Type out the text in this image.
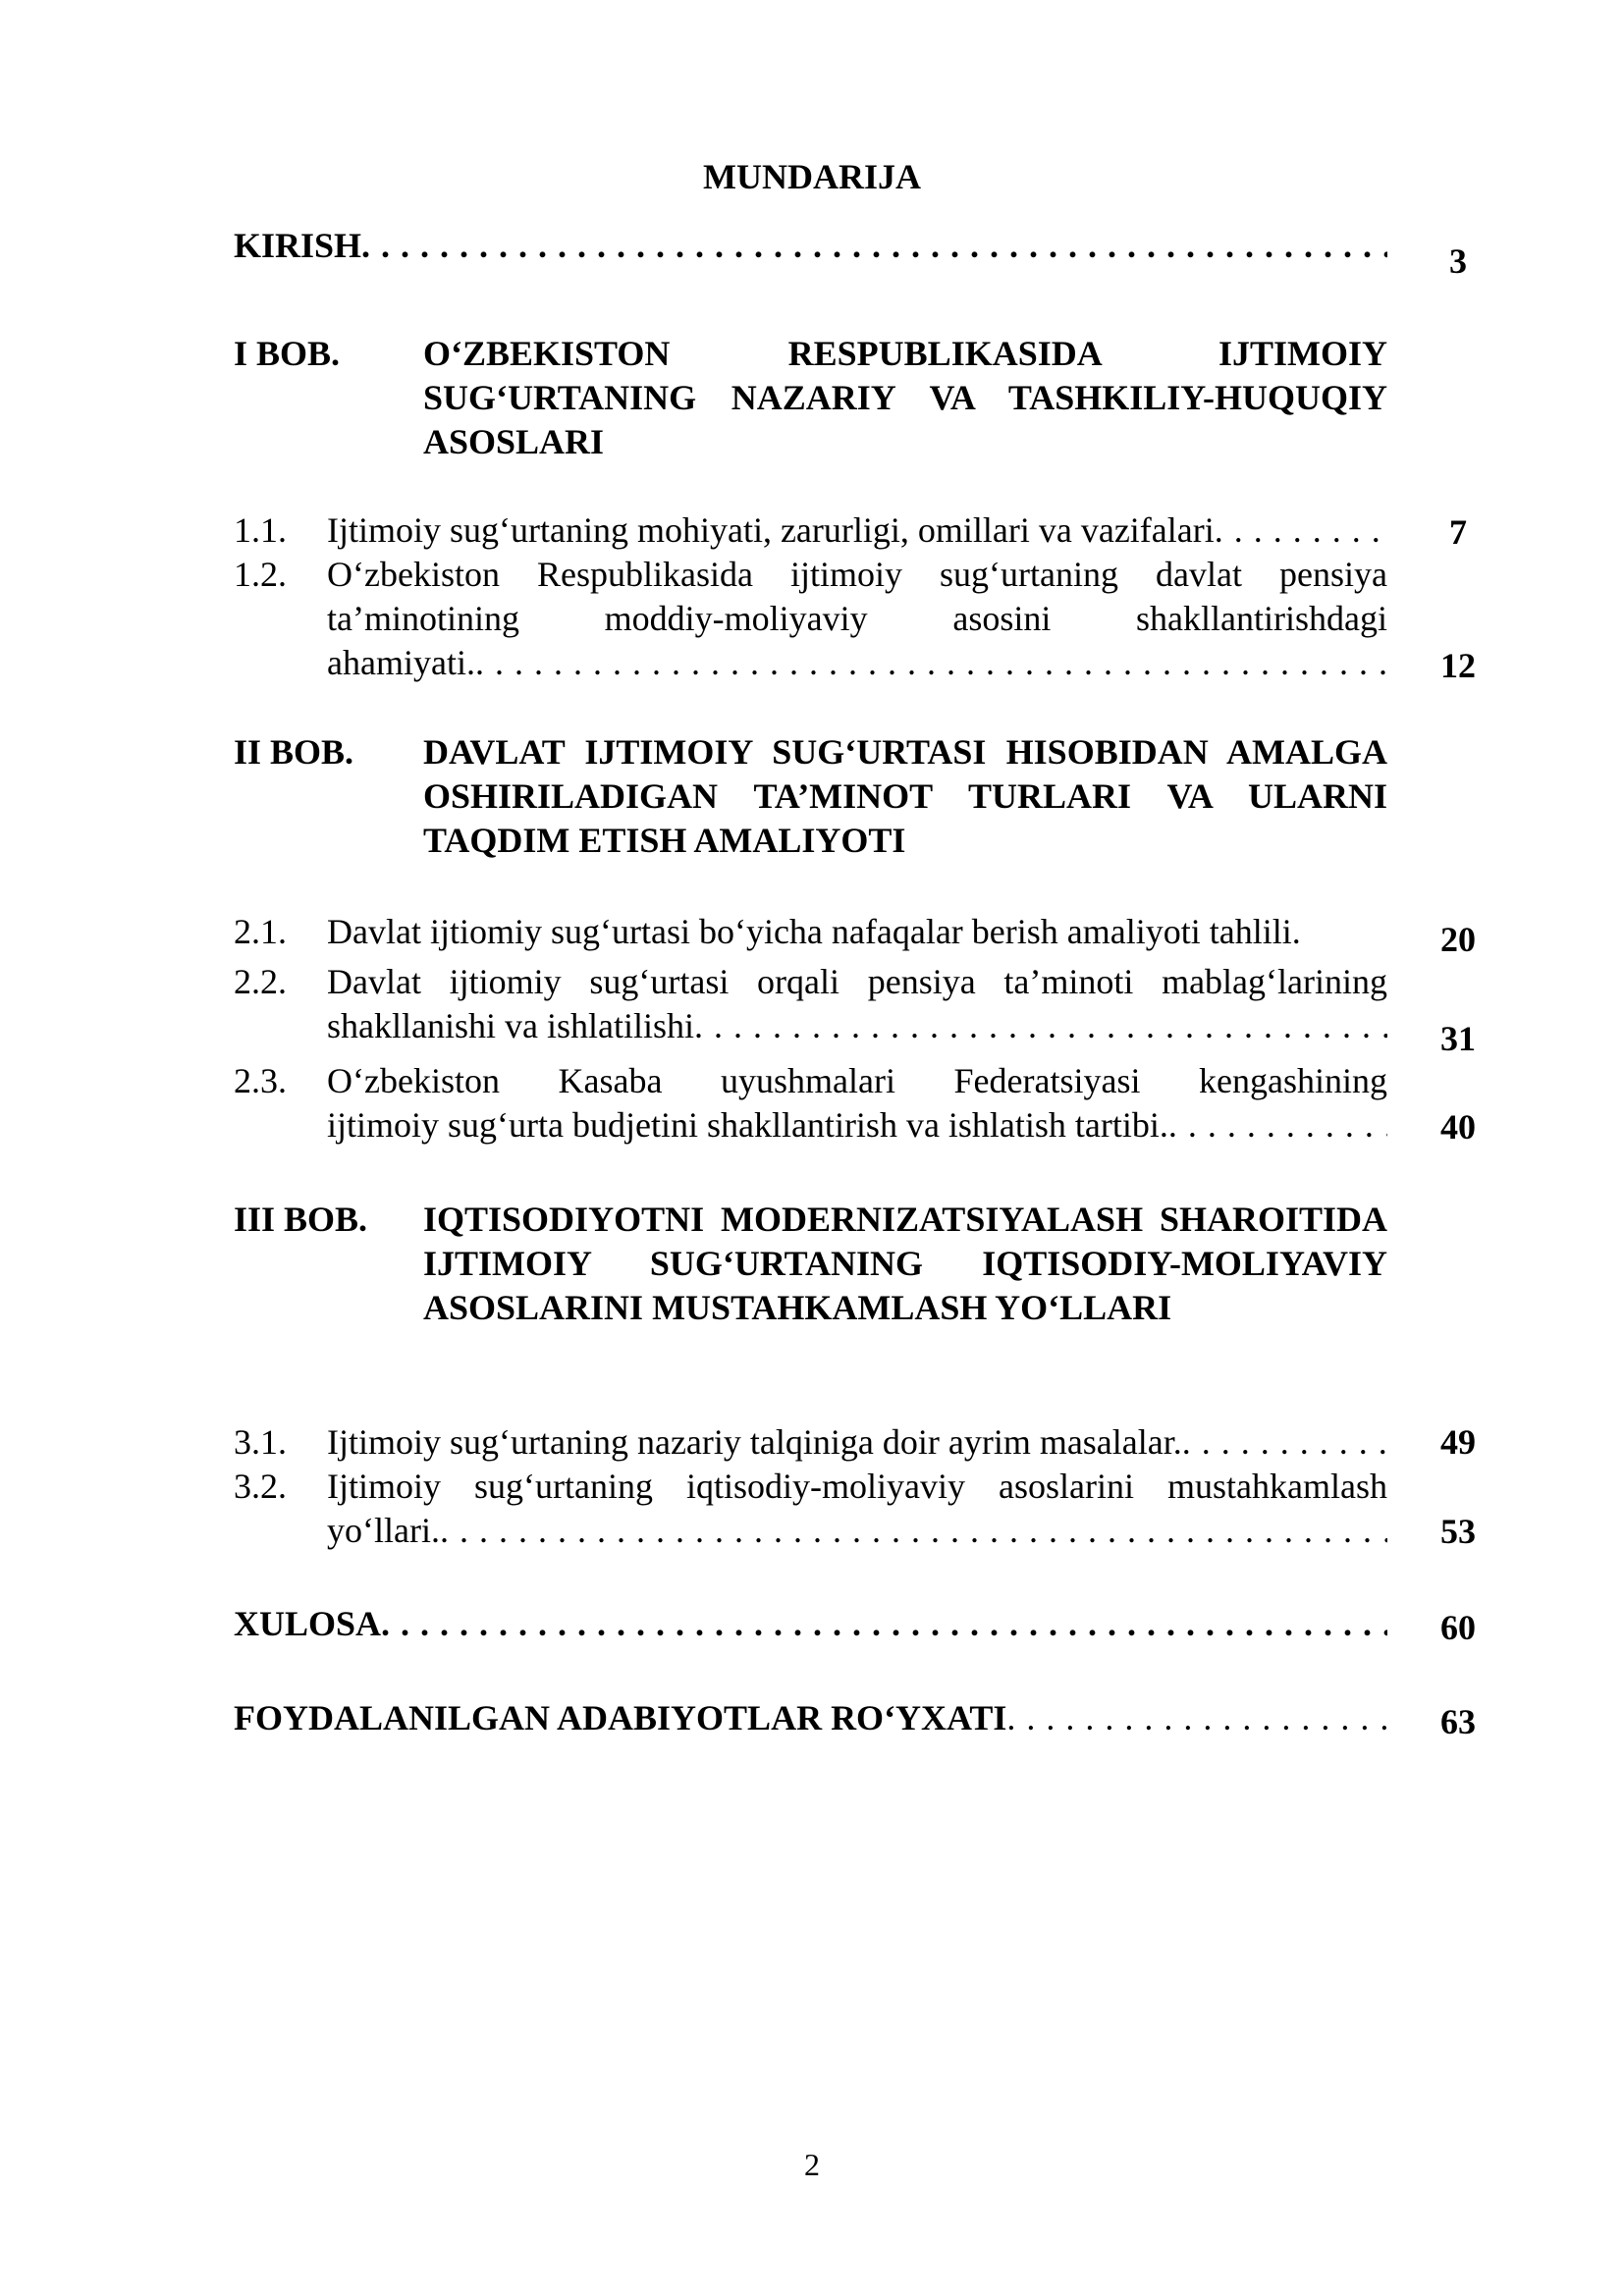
MUNDARIJA
KIRISH . . .	3
I BOB. O‘ZBEKISTON RESPUBLIKASIDA IJTIMOIY SUG‘URTANING NAZARIY VA TASHKILIY-HUQUQIY ASOSLARI
1.1. Ijtimoiy sug‘urtaning mohiyati, zarurligi, omillari va vazifalari . . .	7
1.2. O‘zbekiston Respublikasida ijtimoiy sug‘urtaning davlat pensiya ta’minotining moddiy-moliyaviy asosini shakllantirishdagi
ahamiyati. . . .	12
II BOB. DAVLAT IJTIMOIY SUG‘URTASI HISOBIDAN AMALGA OSHIRILADIGAN TA’MINOT TURLARI VA ULARNI TAQDIM ETISH AMALIYOTI
2.1. Davlat ijtiomiy sug‘urtasi bo‘yicha nafaqalar berish amaliyoti tahlili.	20
2.2. Davlat ijtiomiy sug‘urtasi orqali pensiya ta’minoti mablag‘larining
shakllanishi va ishlatilishi . . .	31
2.3. O‘zbekiston Kasaba uyushmalari Federatsiyasi kengashining
ijtimoiy sug‘urta budjetini shakllantirish va ishlatish tartibi. . . .	40
III BOB. IQTISODIYOTNI MODERNIZATSIYALASH SHAROITIDA IJTIMOIY SUG‘URTANING IQTISODIY-MOLIYAVIY ASOSLARINI MUSTAHKAMLASH YO‘LLARI
3.1. Ijtimoiy sug‘urtaning nazariy talqiniga doir ayrim masalalar. . . .	49
3.2. Ijtimoiy sug‘urtaning iqtisodiy-moliyaviy asoslarini mustahkamlash
yo‘llari. . . .	53
XULOSA . . .	60
FOYDALANILGAN ADABIYOTLAR RO‘YXATI . . .	63
2
